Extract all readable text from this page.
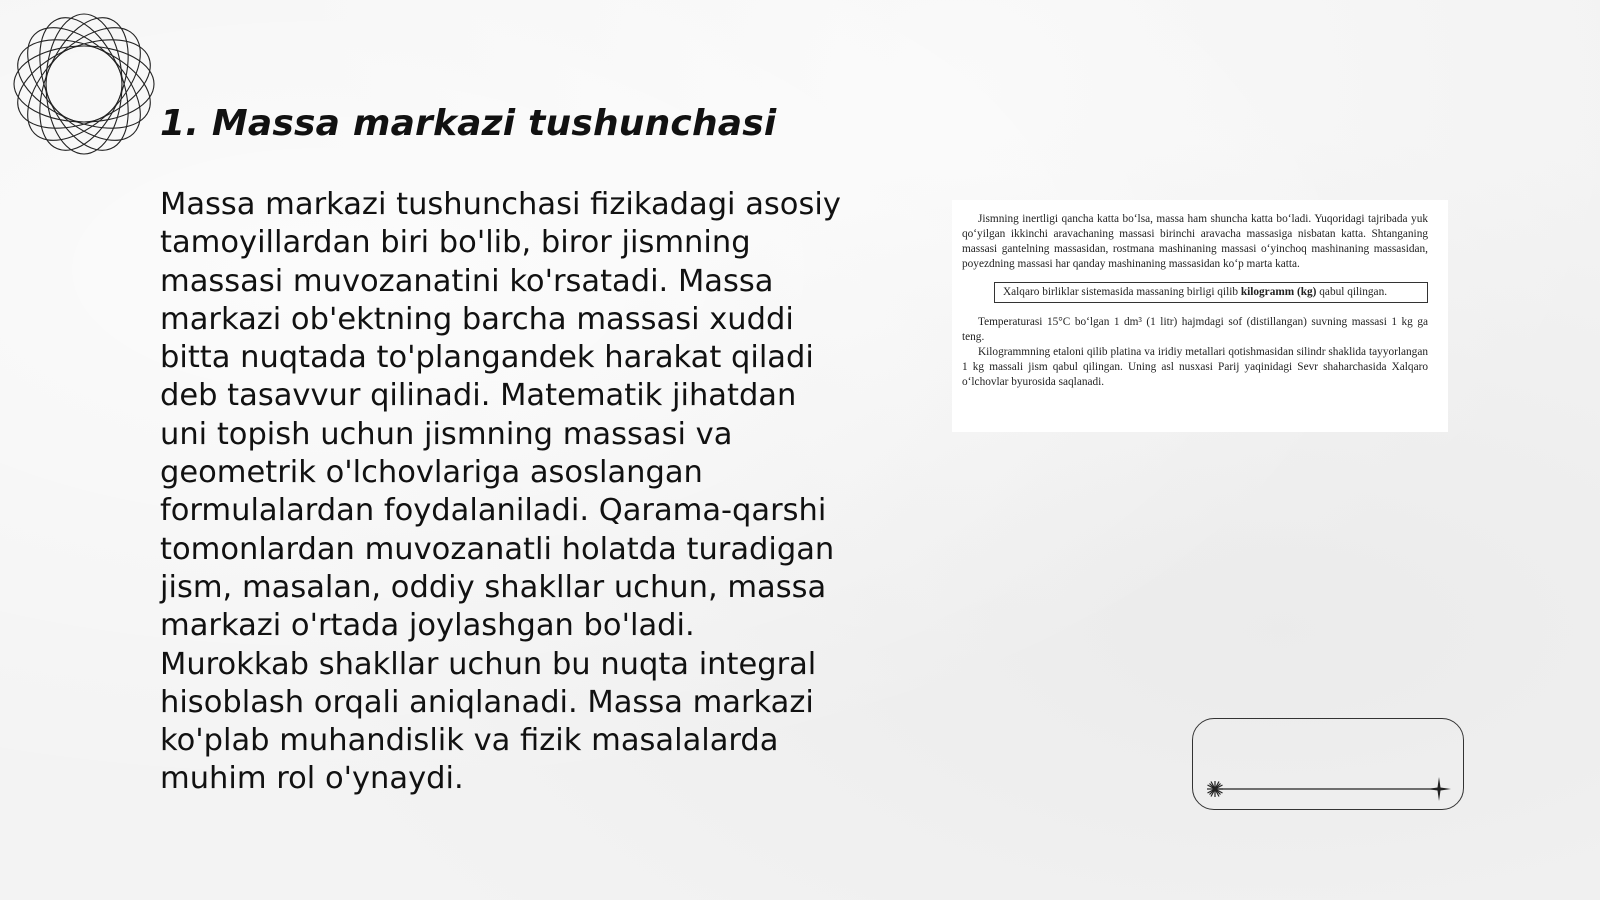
1. Massa markazi tushunchasi

Massa markazi tushunchasi fizikadagi asosiy tamoyillardan biri bo'lib, biror jismning massasi muvozanatini ko'rsatadi. Massa markazi ob'ektning barcha massasi xuddi bitta nuqtada to'plangandek harakat qiladi deb tasavvur qilinadi. Matematik jihatdan uni topish uchun jismning massasi va geometrik o'lchovlariga asoslangan formulalardan foydalaniladi. Qarama-qarshi tomonlardan muvozanatli holatda turadigan jism, masalan, oddiy shakllar uchun, massa markazi o'rtada joylashgan bo'ladi. Murokkab shakllar uchun bu nuqta integral hisoblash orqali aniqlanadi. Massa markazi ko'plab muhandislik va fizik masalalarda muhim rol o'ynaydi.

Jismning inertligi qancha katta bo‘lsa, massa ham shuncha katta bo‘ladi. Yuqoridagi tajribada yuk qo‘yilgan ikkinchi aravachaning massasi birinchi aravacha massasiga nisbatan katta. Shtanganing massasi gantelning massasidan, rostmana mashinaning massasi o‘yinchoq mashinaning massasidan, poyezdning massasi har qanday mashinaning massasidan ko‘p marta katta.

Xalqaro birliklar sistemasida massaning birligi qilib kilogramm (kg) qabul qilingan.

Temperaturasi 15°C bo‘lgan 1 dm³ (1 litr) hajmdagi sof (distillangan) suvning massasi 1 kg ga teng.

Kilogrammning etaloni qilib platina va iridiy metallari qotishmasidan silindr shaklida tayyorlangan 1 kg massali jism qabul qilingan. Uning asl nusxasi Parij yaqinidagi Sevr shaharchasida Xalqaro o‘lchovlar byurosida saqlanadi.
